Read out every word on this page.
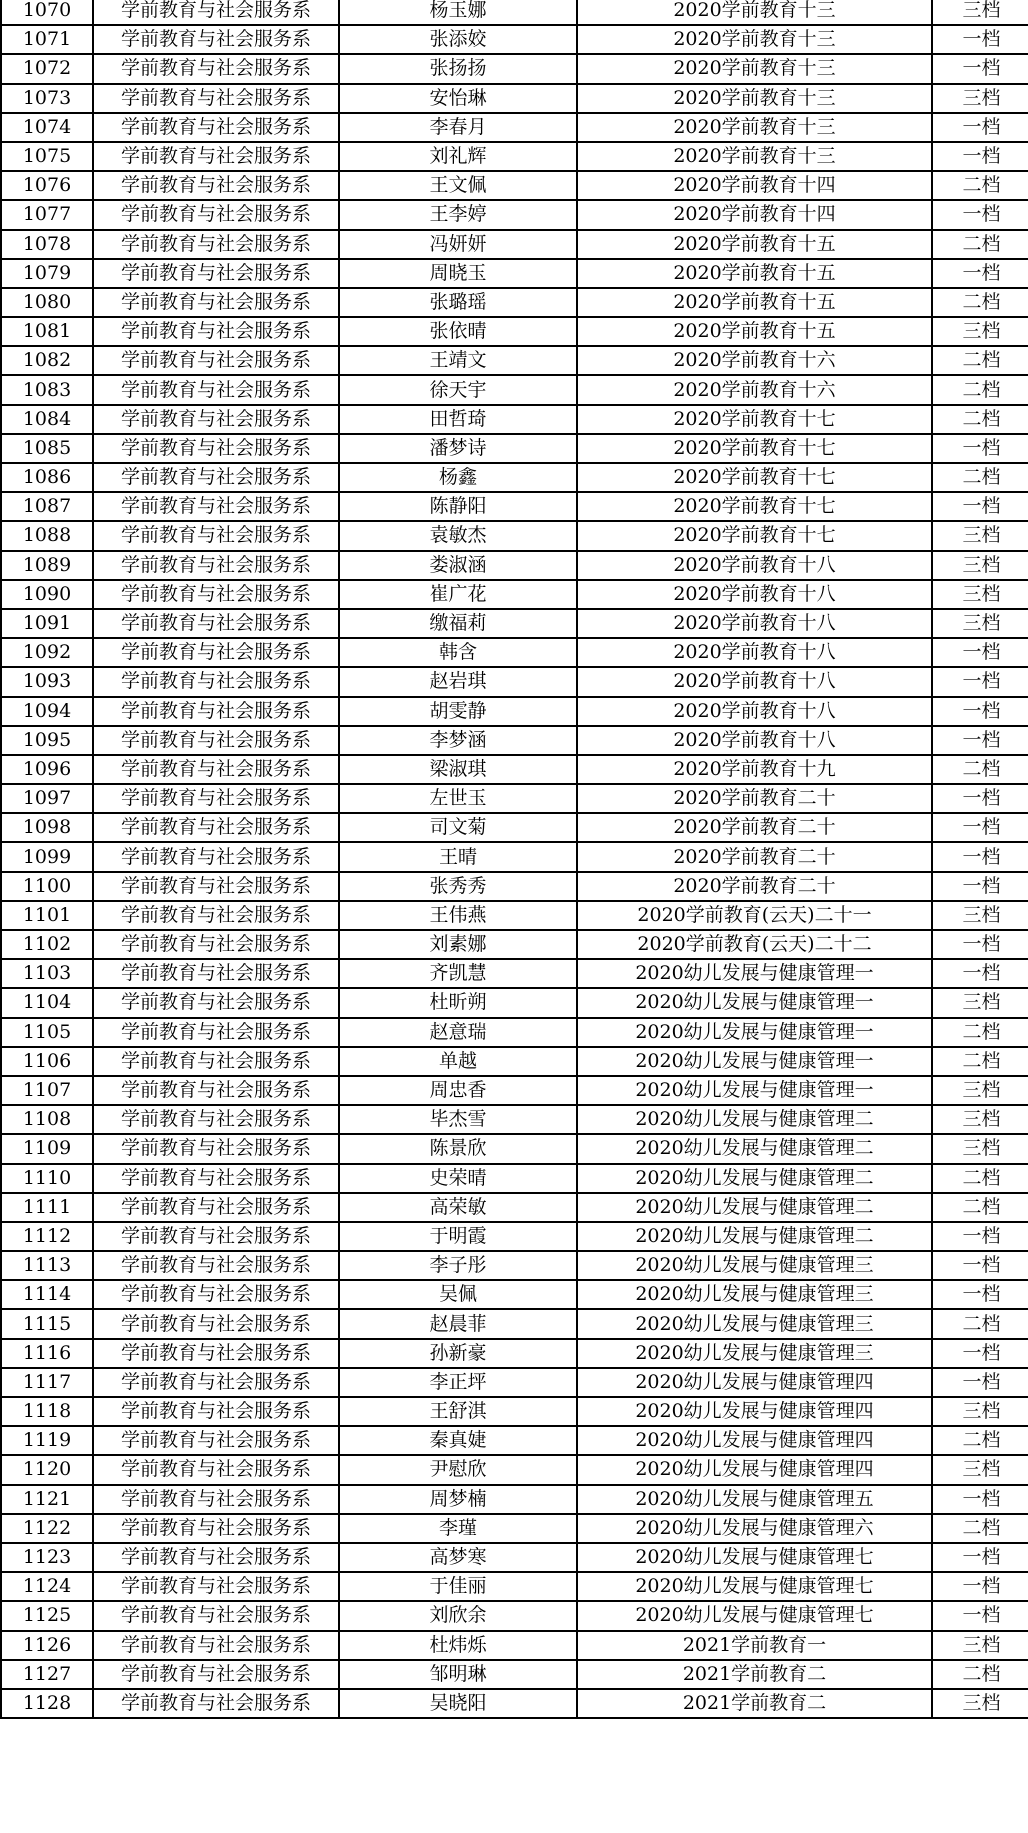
1070	学前教育与社会服务系	杨玉娜	2020学前教育十三	三档
1071	学前教育与社会服务系	张添姣	2020学前教育十三	一档
1072	学前教育与社会服务系	张扬扬	2020学前教育十三	一档
1073	学前教育与社会服务系	安怡琳	2020学前教育十三	三档
1074	学前教育与社会服务系	李春月	2020学前教育十三	一档
1075	学前教育与社会服务系	刘礼辉	2020学前教育十三	一档
1076	学前教育与社会服务系	王文佩	2020学前教育十四	二档
1077	学前教育与社会服务系	王李婷	2020学前教育十四	一档
1078	学前教育与社会服务系	冯妍妍	2020学前教育十五	二档
1079	学前教育与社会服务系	周晓玉	2020学前教育十五	一档
1080	学前教育与社会服务系	张璐瑶	2020学前教育十五	二档
1081	学前教育与社会服务系	张依晴	2020学前教育十五	三档
1082	学前教育与社会服务系	王靖文	2020学前教育十六	二档
1083	学前教育与社会服务系	徐天宇	2020学前教育十六	二档
1084	学前教育与社会服务系	田哲琦	2020学前教育十七	二档
1085	学前教育与社会服务系	潘梦诗	2020学前教育十七	一档
1086	学前教育与社会服务系	杨鑫	2020学前教育十七	二档
1087	学前教育与社会服务系	陈静阳	2020学前教育十七	一档
1088	学前教育与社会服务系	袁敏杰	2020学前教育十七	三档
1089	学前教育与社会服务系	娄淑涵	2020学前教育十八	三档
1090	学前教育与社会服务系	崔广花	2020学前教育十八	三档
1091	学前教育与社会服务系	缴福莉	2020学前教育十八	三档
1092	学前教育与社会服务系	韩含	2020学前教育十八	一档
1093	学前教育与社会服务系	赵岩琪	2020学前教育十八	一档
1094	学前教育与社会服务系	胡雯静	2020学前教育十八	一档
1095	学前教育与社会服务系	李梦涵	2020学前教育十八	一档
1096	学前教育与社会服务系	梁淑琪	2020学前教育十九	二档
1097	学前教育与社会服务系	左世玉	2020学前教育二十	一档
1098	学前教育与社会服务系	司文菊	2020学前教育二十	一档
1099	学前教育与社会服务系	王晴	2020学前教育二十	一档
1100	学前教育与社会服务系	张秀秀	2020学前教育二十	一档
1101	学前教育与社会服务系	王伟燕	2020学前教育(云天)二十一	三档
1102	学前教育与社会服务系	刘素娜	2020学前教育(云天)二十二	一档
1103	学前教育与社会服务系	齐凯慧	2020幼儿发展与健康管理一	一档
1104	学前教育与社会服务系	杜昕朔	2020幼儿发展与健康管理一	三档
1105	学前教育与社会服务系	赵意瑞	2020幼儿发展与健康管理一	二档
1106	学前教育与社会服务系	单越	2020幼儿发展与健康管理一	二档
1107	学前教育与社会服务系	周忠香	2020幼儿发展与健康管理一	三档
1108	学前教育与社会服务系	毕杰雪	2020幼儿发展与健康管理二	三档
1109	学前教育与社会服务系	陈景欣	2020幼儿发展与健康管理二	三档
1110	学前教育与社会服务系	史荣晴	2020幼儿发展与健康管理二	二档
1111	学前教育与社会服务系	高荣敏	2020幼儿发展与健康管理二	二档
1112	学前教育与社会服务系	于明霞	2020幼儿发展与健康管理二	一档
1113	学前教育与社会服务系	李子彤	2020幼儿发展与健康管理三	一档
1114	学前教育与社会服务系	吴佩	2020幼儿发展与健康管理三	一档
1115	学前教育与社会服务系	赵晨菲	2020幼儿发展与健康管理三	二档
1116	学前教育与社会服务系	孙新豪	2020幼儿发展与健康管理三	一档
1117	学前教育与社会服务系	李正坪	2020幼儿发展与健康管理四	一档
1118	学前教育与社会服务系	王舒淇	2020幼儿发展与健康管理四	三档
1119	学前教育与社会服务系	秦真婕	2020幼儿发展与健康管理四	二档
1120	学前教育与社会服务系	尹慰欣	2020幼儿发展与健康管理四	三档
1121	学前教育与社会服务系	周梦楠	2020幼儿发展与健康管理五	一档
1122	学前教育与社会服务系	李瑾	2020幼儿发展与健康管理六	二档
1123	学前教育与社会服务系	高梦寒	2020幼儿发展与健康管理七	一档
1124	学前教育与社会服务系	于佳丽	2020幼儿发展与健康管理七	一档
1125	学前教育与社会服务系	刘欣余	2020幼儿发展与健康管理七	一档
1126	学前教育与社会服务系	杜炜烁	2021学前教育一	三档
1127	学前教育与社会服务系	邹明琳	2021学前教育二	二档
1128	学前教育与社会服务系	吴晓阳	2021学前教育二	三档
